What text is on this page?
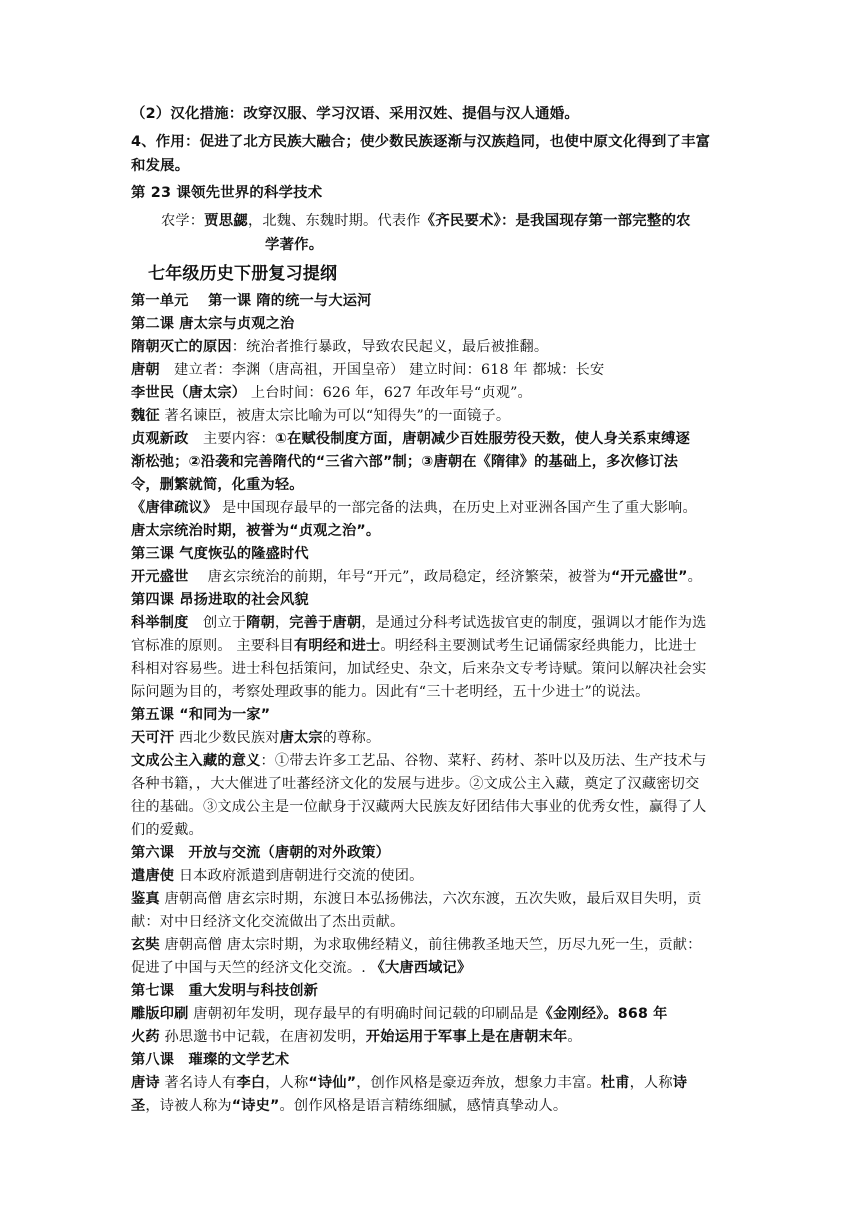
（2）汉化措施：改穿汉服、学习汉语、采用汉姓、提倡与汉人通婚。
4、作用：促进了北方民族大融合；使少数民族逐渐与汉族趋同，也使中原文化得到了丰富
和发展。
第 23 课领先世界的科学技术
农学：贾思勰，北魏、东魏时期。代表作《齐民要术》：是我国现存第一部完整的农
学著作。
七年级历史下册复习提纲
第一单元　 第一课 隋的统一与大运河
第二课 唐太宗与贞观之治
隋朝灭亡的原因：统治者推行暴政，导致农民起义，最后被推翻。
唐朝　建立者：李渊（唐高祖，开国皇帝） 建立时间：618 年 都城：长安
李世民（唐太宗） 上台时间：626 年，627 年改年号“贞观”。
魏征 著名谏臣，被唐太宗比喻为可以“知得失”的一面镜子。
贞观新政　主要内容：①在赋役制度方面，唐朝减少百姓服劳役天数，使人身关系束缚逐
渐松弛；②沿袭和完善隋代的“三省六部”制；③唐朝在《隋律》的基础上，多次修订法
令，删繁就简，化重为轻。
《唐律疏议》 是中国现存最早的一部完备的法典，在历史上对亚洲各国产生了重大影响。
唐太宗统治时期，被誉为“贞观之治”。
第三课 气度恢弘的隆盛时代
开元盛世　 唐玄宗统治的前期，年号“开元”，政局稳定，经济繁荣，被誉为“开元盛世”。
第四课 昂扬进取的社会风貌
科举制度　创立于隋朝，完善于唐朝，是通过分科考试选拔官吏的制度，强调以才能作为选
官标准的原则。 主要科目有明经和进士。明经科主要测试考生记诵儒家经典能力，比进士
科相对容易些。进士科包括策问，加试经史、杂文，后来杂文专考诗赋。策问以解决社会实
际问题为目的，考察处理政事的能力。因此有“三十老明经，五十少进士”的说法。
第五课 “和同为一家”
天可汗 西北少数民族对唐太宗的尊称。
文成公主入藏的意义：①带去许多工艺品、谷物、菜籽、药材、茶叶以及历法、生产技术与
各种书籍，，大大催进了吐蕃经济文化的发展与进步。②文成公主入藏，奠定了汉藏密切交
往的基础。③文成公主是一位献身于汉藏两大民族友好团结伟大事业的优秀女性，赢得了人
们的爱戴。
第六课　开放与交流（唐朝的对外政策）
遣唐使 日本政府派遣到唐朝进行交流的使团。
鉴真 唐朝高僧 唐玄宗时期，东渡日本弘扬佛法，六次东渡，五次失败，最后双目失明，贡
献：对中日经济文化交流做出了杰出贡献。
玄奘 唐朝高僧 唐太宗时期，为求取佛经精义，前往佛教圣地天竺，历尽九死一生，贡献：
促进了中国与天竺的经济文化交流。. 《大唐西域记》
第七课　重大发明与科技创新
雕版印刷 唐朝初年发明，现存最早的有明确时间记载的印刷品是《金刚经》。868 年
火药 孙思邈书中记载，在唐初发明，开始运用于军事上是在唐朝末年。
第八课　璀璨的文学艺术
唐诗 著名诗人有李白，人称“诗仙”，创作风格是豪迈奔放，想象力丰富。杜甫，人称诗
圣，诗被人称为“诗史”。创作风格是语言精练细腻，感情真挚动人。
